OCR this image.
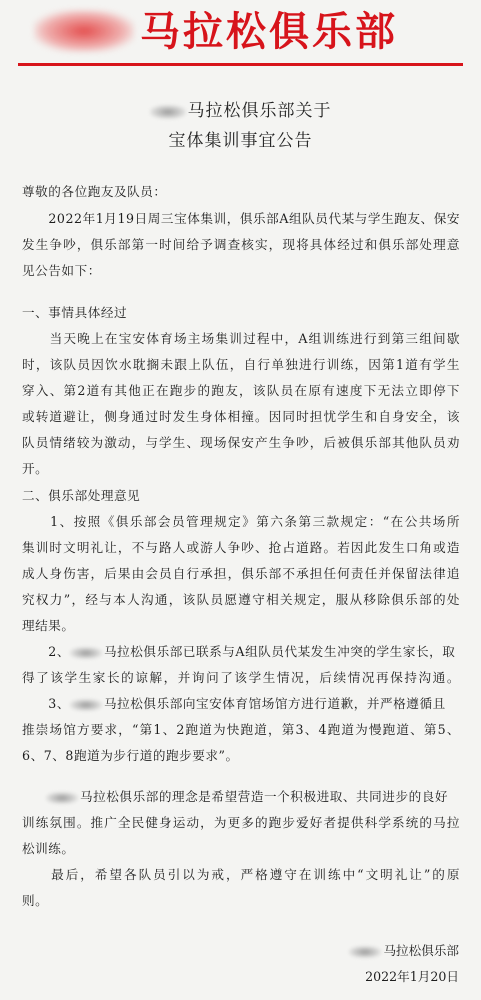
马拉松俱乐部
马拉松俱乐部关于
宝体集训事宜公告
尊敬的各位跑友及队员：
　　2022年1月19日周三宝体集训，俱乐部A组队员代某与学生跑友、保安
发生争吵，俱乐部第一时间给予调查核实，现将具体经过和俱乐部处理意
见公告如下：
一、事情具体经过
　　当天晚上在宝安体育场主场集训过程中，A组训练进行到第三组间歇
时，该队员因饮水耽搁未跟上队伍，自行单独进行训练，因第1道有学生
穿入、第2道有其他正在跑步的跑友，该队员在原有速度下无法立即停下
或转道避让，侧身通过时发生身体相撞。因同时担忧学生和自身安全，该
队员情绪较为激动，与学生、现场保安产生争吵，后被俱乐部其他队员劝
开。
二、俱乐部处理意见
　　1、按照《俱乐部会员管理规定》第六条第三款规定：“在公共场所
集训时文明礼让，不与路人或游人争吵、抢占道路。若因此发生口角或造
成人身伤害，后果由会员自行承担，俱乐部不承担任何责任并保留法律追
究权力”，经与本人沟通，该队员愿遵守相关规定，服从移除俱乐部的处
理结果。
　　2、	马拉松俱乐部已联系与A组队员代某发生冲突的学生家长，取
得了该学生家长的谅解，并询问了该学生情况，后续情况再保持沟通。
　　3、	马拉松俱乐部向宝安体育馆场馆方进行道歉，并严格遵循且
推崇场馆方要求，“第1、2跑道为快跑道，第3、4跑道为慢跑道、第5、
6、7、8跑道为步行道的跑步要求”。
马拉松俱乐部的理念是希望营造一个积极进取、共同进步的良好
训练氛围。推广全民健身运动，为更多的跑步爱好者提供科学系统的马拉
松训练。
　　最后，希望各队员引以为戒，严格遵守在训练中“文明礼让”的原
则。
马拉松俱乐部
2022年1月20日
